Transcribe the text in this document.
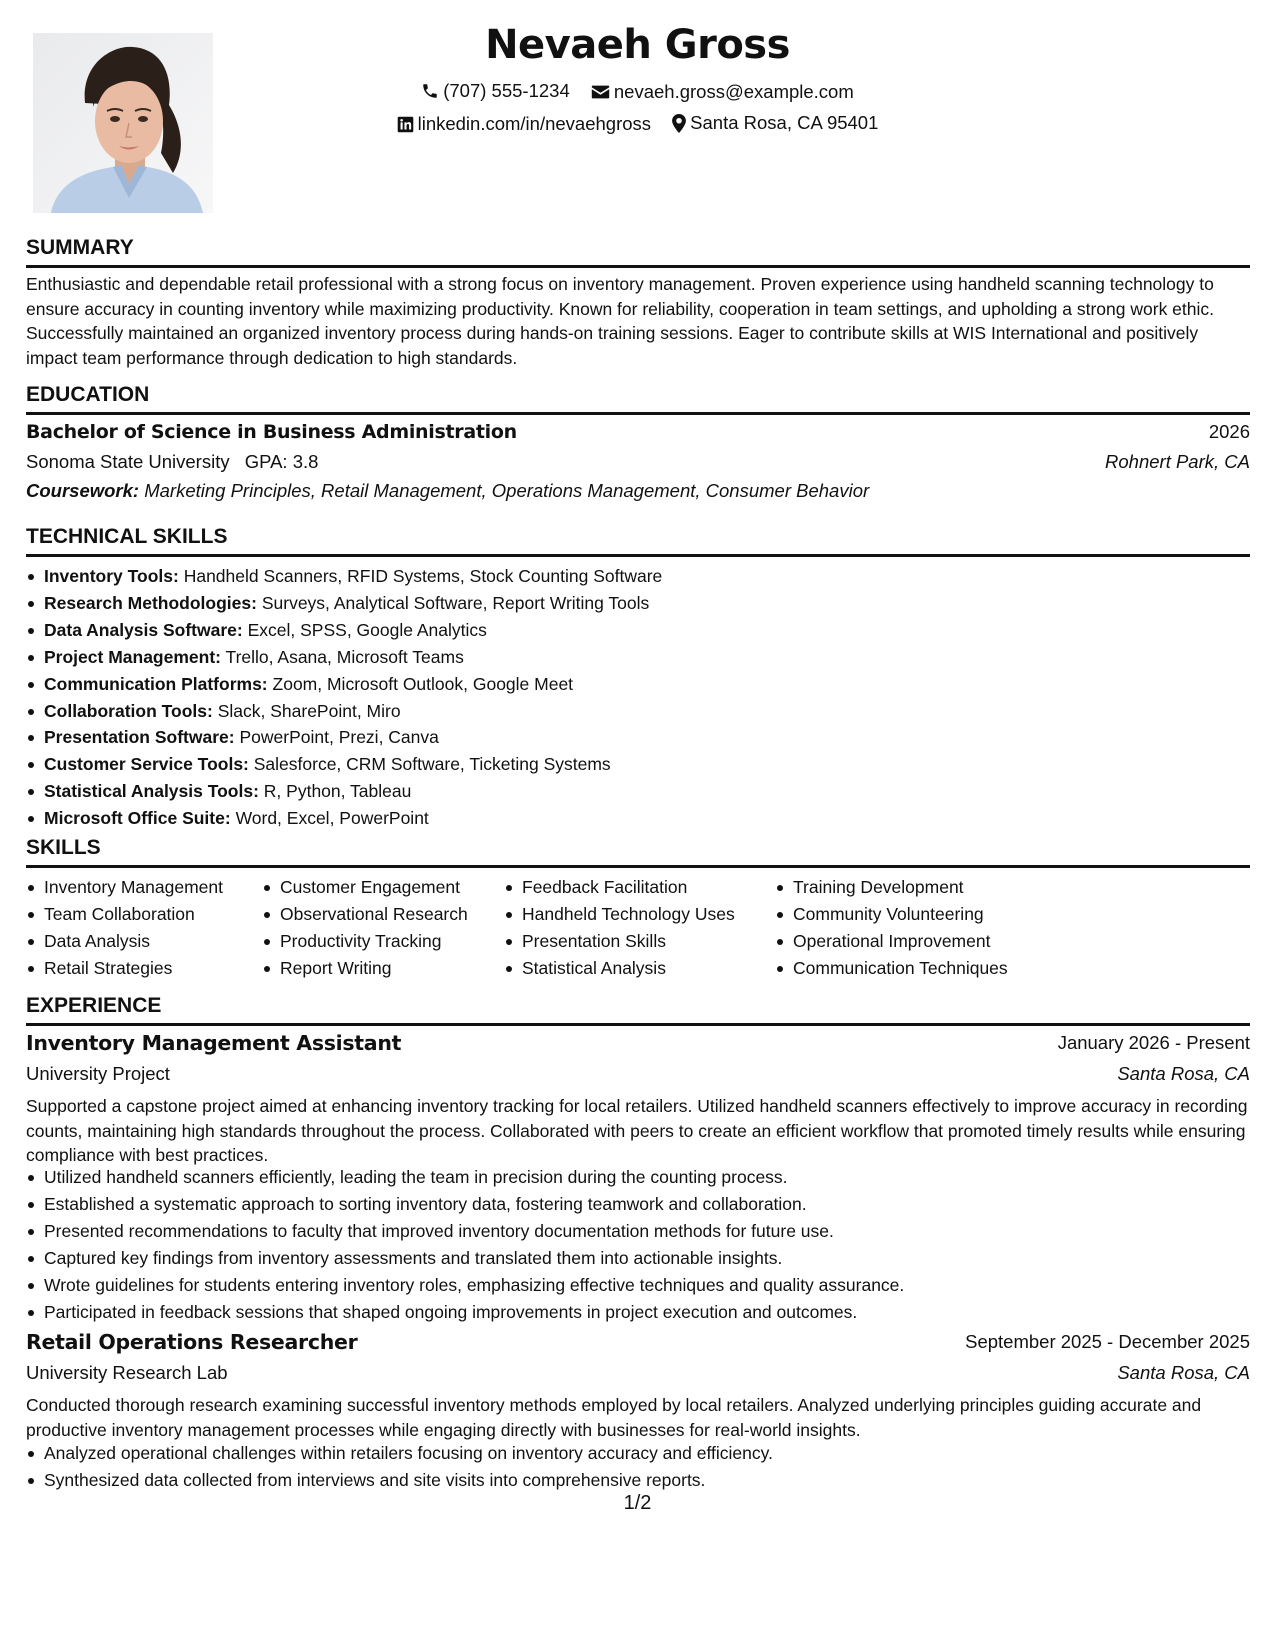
Nevaeh Gross
(707) 555-1234
nevaeh.gross@example.com
linkedin.com/in/nevaehgross
Santa Rosa, CA 95401
SUMMARY
Enthusiastic and dependable retail professional with a strong focus on inventory management. Proven experience using handheld scanning technology to ensure accuracy in counting inventory while maximizing productivity. Known for reliability, cooperation in team settings, and upholding a strong work ethic. Successfully maintained an organized inventory process during hands-on training sessions. Eager to contribute skills at WIS International and positively impact team performance through dedication to high standards.
EDUCATION
Bachelor of Science in Business Administration	2026
Sonoma State University GPA: 3.8	Rohnert Park, CA
Coursework: Marketing Principles, Retail Management, Operations Management, Consumer Behavior
TECHNICAL SKILLS
Inventory Tools: Handheld Scanners, RFID Systems, Stock Counting Software
Research Methodologies: Surveys, Analytical Software, Report Writing Tools
Data Analysis Software: Excel, SPSS, Google Analytics
Project Management: Trello, Asana, Microsoft Teams
Communication Platforms: Zoom, Microsoft Outlook, Google Meet
Collaboration Tools: Slack, SharePoint, Miro
Presentation Software: PowerPoint, Prezi, Canva
Customer Service Tools: Salesforce, CRM Software, Ticketing Systems
Statistical Analysis Tools: R, Python, Tableau
Microsoft Office Suite: Word, Excel, PowerPoint
SKILLS
Inventory Management
Team Collaboration
Data Analysis
Retail Strategies
Customer Engagement
Observational Research
Productivity Tracking
Report Writing
Feedback Facilitation
Handheld Technology Uses
Presentation Skills
Statistical Analysis
Training Development
Community Volunteering
Operational Improvement
Communication Techniques
EXPERIENCE
Inventory Management Assistant	January 2026 - Present
University Project	Santa Rosa, CA
Supported a capstone project aimed at enhancing inventory tracking for local retailers. Utilized handheld scanners effectively to improve accuracy in recording counts, maintaining high standards throughout the process. Collaborated with peers to create an efficient workflow that promoted timely results while ensuring compliance with best practices.
Utilized handheld scanners efficiently, leading the team in precision during the counting process.
Established a systematic approach to sorting inventory data, fostering teamwork and collaboration.
Presented recommendations to faculty that improved inventory documentation methods for future use.
Captured key findings from inventory assessments and translated them into actionable insights.
Wrote guidelines for students entering inventory roles, emphasizing effective techniques and quality assurance.
Participated in feedback sessions that shaped ongoing improvements in project execution and outcomes.
Retail Operations Researcher	September 2025 - December 2025
University Research Lab	Santa Rosa, CA
Conducted thorough research examining successful inventory methods employed by local retailers. Analyzed underlying principles guiding accurate and productive inventory management processes while engaging directly with businesses for real-world insights.
Analyzed operational challenges within retailers focusing on inventory accuracy and efficiency.
Synthesized data collected from interviews and site visits into comprehensive reports.
1/2
